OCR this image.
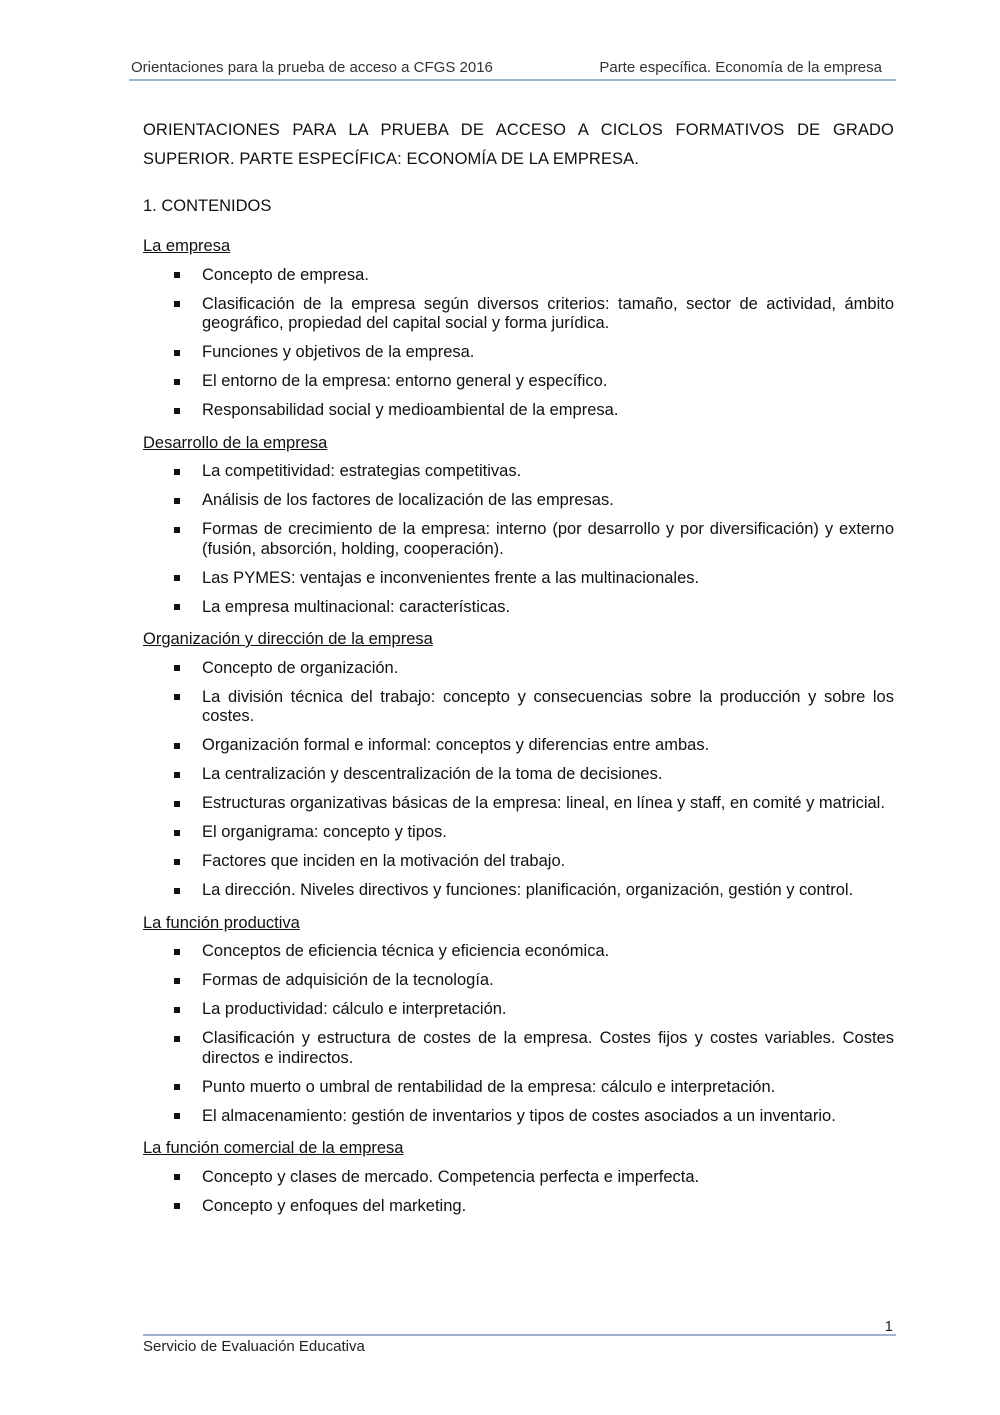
Orientaciones para la prueba de acceso a CFGS 2016	Parte específica. Economía de la empresa
ORIENTACIONES PARA LA PRUEBA DE ACCESO A CICLOS FORMATIVOS DE GRADO
SUPERIOR. PARTE ESPECÍFICA: ECONOMÍA DE LA EMPRESA.
1. CONTENIDOS

La empresa

Concepto de empresa.
Clasificación de la empresa según diversos criterios: tamaño, sector de actividad, ámbito geográfico, propiedad del capital social y forma jurídica.
Funciones y objetivos de la empresa.
El entorno de la empresa: entorno general y específico.
Responsabilidad social y medioambiental de la empresa.

Desarrollo de la empresa

La competitividad: estrategias competitivas.
Análisis de los factores de localización de las empresas.
Formas de crecimiento de la empresa: interno (por desarrollo y por diversificación) y externo (fusión, absorción, holding, cooperación).
Las PYMES: ventajas e inconvenientes frente a las multinacionales.
La empresa multinacional: características.

Organización y dirección de la empresa

Concepto de organización.
La división técnica del trabajo: concepto y consecuencias sobre la producción y sobre los costes.
Organización formal e informal: conceptos y diferencias entre ambas.
La centralización y descentralización de la toma de decisiones.
Estructuras organizativas básicas de la empresa: lineal, en línea y staff, en comité y matricial.
El organigrama: concepto y tipos.
Factores que inciden en la motivación del trabajo.
La dirección. Niveles directivos y funciones: planificación, organización, gestión y control.

La función productiva

Conceptos de eficiencia técnica y eficiencia económica.
Formas de adquisición de la tecnología.
La productividad: cálculo e interpretación.
Clasificación y estructura de costes de la empresa. Costes fijos y costes variables. Costes directos e indirectos.
Punto muerto o umbral de rentabilidad de la empresa: cálculo e interpretación.
El almacenamiento: gestión de inventarios y tipos de costes asociados a un inventario.

La función comercial de la empresa

Concepto y clases de mercado. Competencia perfecta e imperfecta.
Concepto y enfoques del marketing.
1
Servicio de Evaluación Educativa
